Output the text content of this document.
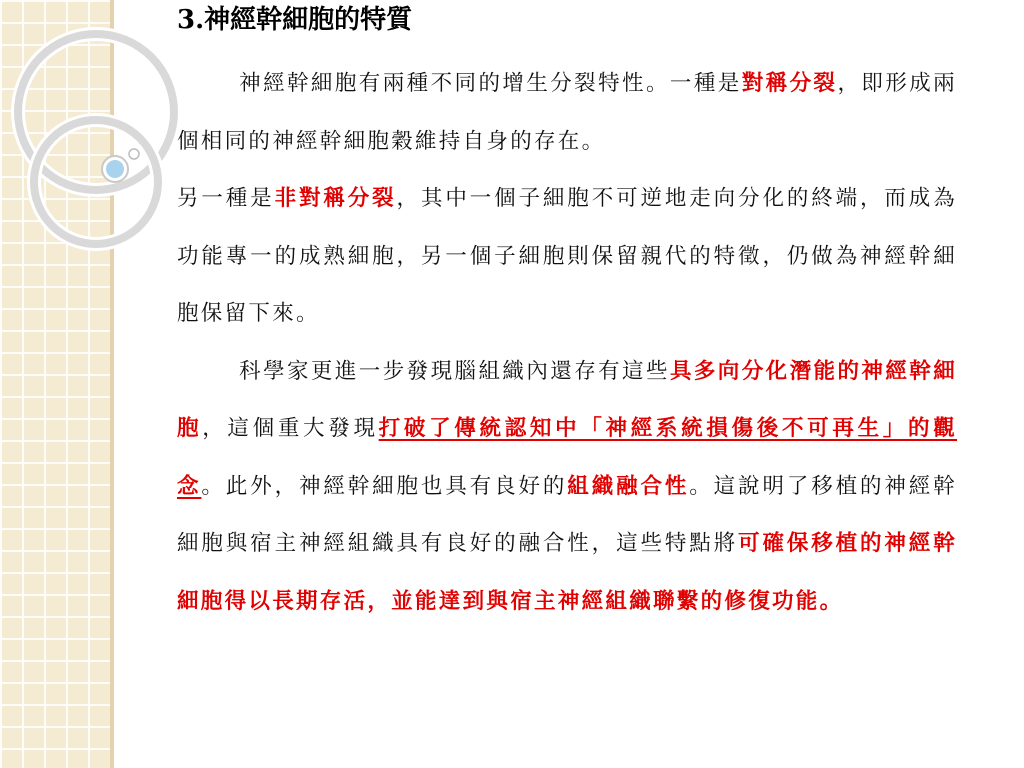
3.神經幹細胞的特質

神經幹細胞有兩種不同的增生分裂特性。一種是對稱分裂，即形成兩個相同的神經幹細胞穀維持自身的存在。

另一種是非對稱分裂，其中一個子細胞不可逆地走向分化的終端，而成為功能專一的成熟細胞，另一個子細胞則保留親代的特徵，仍做為神經幹細胞保留下來。

科學家更進一步發現腦組織內還存有這些具多向分化潛能的神經幹細胞，這個重大發現打破了傳統認知中「神經系統損傷後不可再生」的觀念。此外，神經幹細胞也具有良好的組織融合性。這說明了移植的神經幹細胞與宿主神經組織具有良好的融合性，這些特點將可確保移植的神經幹細胞得以長期存活，並能達到與宿主神經組織聯繫的修復功能。
